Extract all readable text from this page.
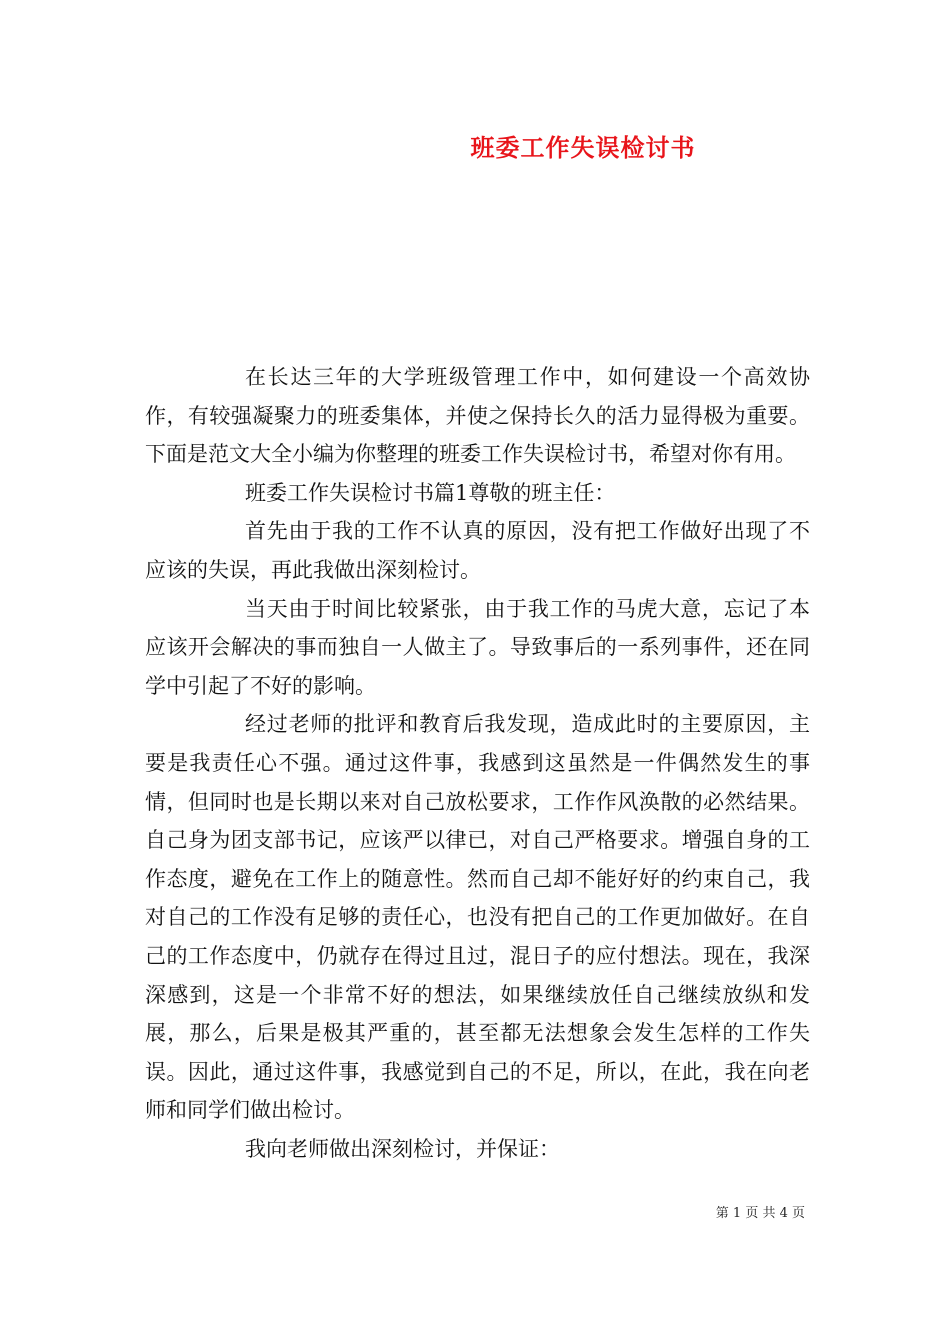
班委工作失误检讨书

在长达三年的大学班级管理工作中，如何建设一个高效协作，有较强凝聚力的班委集体，并使之保持长久的活力显得极为重要。下面是范文大全小编为你整理的班委工作失误检讨书，希望对你有用。

班委工作失误检讨书篇1尊敬的班主任：

首先由于我的工作不认真的原因，没有把工作做好出现了不应该的失误，再此我做出深刻检讨。

当天由于时间比较紧张，由于我工作的马虎大意，忘记了本应该开会解决的事而独自一人做主了。导致事后的一系列事件，还在同学中引起了不好的影响。

经过老师的批评和教育后我发现，造成此时的主要原因，主要是我责任心不强。通过这件事，我感到这虽然是一件偶然发生的事情，但同时也是长期以来对自己放松要求，工作作风涣散的必然结果。自己身为团支部书记，应该严以律已，对自己严格要求。增强自身的工作态度，避免在工作上的随意性。然而自己却不能好好的约束自己，我对自己的工作没有足够的责任心，也没有把自己的工作更加做好。在自己的工作态度中，仍就存在得过且过，混日子的应付想法。现在，我深深感到，这是一个非常不好的想法，如果继续放任自己继续放纵和发展，那么，后果是极其严重的，甚至都无法想象会发生怎样的工作失误。因此，通过这件事，我感觉到自己的不足，所以，在此，我在向老师和同学们做出检讨。

我向老师做出深刻检讨，并保证：

第 1 页 共 4 页
